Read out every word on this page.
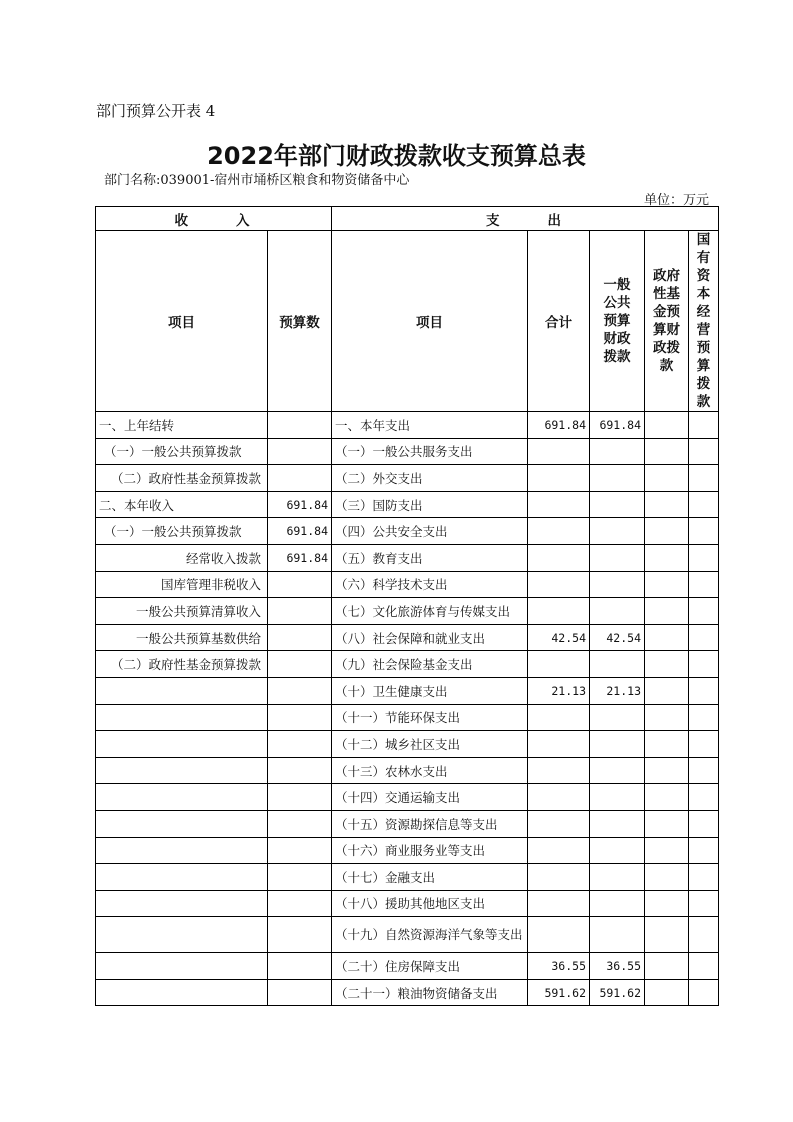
部门预算公开表 4
2022年部门财政拨款收支预算总表
部门名称:039001-宿州市埇桥区粮食和物资储备中心
单位：万元
收 入		支 出				
项目	预算数	项目	合计	一般公共预算财政拨款	政府性基金预算财政拨款	国有资本经营预算拨款
一、上年结转		一、本年支出	691.84	691.84		
（一）一般公共预算拨款		（一）一般公共服务支出				
（二）政府性基金预算拨款		（二）外交支出				
二、本年收入	691.84	（三）国防支出				
（一）一般公共预算拨款	691.84	（四）公共安全支出				
经常收入拨款	691.84	（五）教育支出				
国库管理非税收入		（六）科学技术支出				
一般公共预算清算收入		（七）文化旅游体育与传媒支出				
一般公共预算基数供给		（八）社会保障和就业支出	42.54	42.54		
（二）政府性基金预算拨款		（九）社会保险基金支出				
		（十）卫生健康支出	21.13	21.13		
		（十一）节能环保支出				
		（十二）城乡社区支出				
		（十三）农林水支出				
		（十四）交通运输支出				
		（十五）资源勘探信息等支出				
		（十六）商业服务业等支出				
		（十七）金融支出				
		（十八）援助其他地区支出				
		（十九）自然资源海洋气象等支出				
		（二十）住房保障支出	36.55	36.55		
		（二十一）粮油物资储备支出	591.62	591.62		
